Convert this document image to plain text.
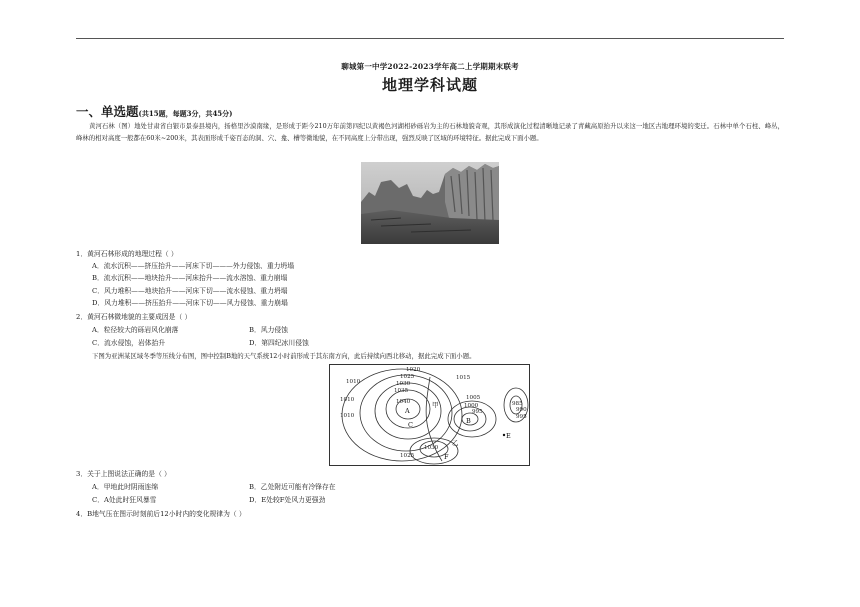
聊城第一中学2022-2023学年高二上学期期末联考
地理学科试题
一、单选题(共15题，每题3分，共45分)

黄河石林（图）地处甘肃省白银市景泰县境内，扬格里沙漠南缘，是形成于距今210万年前第四纪以黄褐色河湖相砂砾岩为主的石林地貌奇观，其形成演化过程清晰地记录了青藏高原抬升以来这一地区古地理环境的变迁。石林中单个石柱、峰丛，峰林的相对高度一般都在60米~200米，其表面形成千姿百态的洞、穴、龛、槽等微地貌，在不同高度上分带出现，强烈反映了区域的环境特征。据此完成下面小题。

1．黄河石林形成的地理过程（ ）
A．流水沉积——挤压抬升——河床下切———外力侵蚀、重力坍塌
B．流水沉积——地块抬升——河床抬升——流水溶蚀、重力崩塌
C．风力堆积——地块抬升——河床下切——流水侵蚀、重力坍塌
D．风力堆积——挤压抬升——河床下切——风力侵蚀、重力崩塌
2．黄河石林微地貌的主要成因是（ ）
A．粒径较大的砾岩风化崩落	B．风力侵蚀
C．流水侵蚀，岩体抬升	D．第四纪冰川侵蚀
下图为亚洲某区域冬季等压线分布图，图中控制B地的天气系统12小时前形成于其东南方向，此后持续向西北移动，据此完成下面小题。
1020
1025
1030
1035
1040
1015
1010
1010
1010
1005
1000
995
985
990
995
1030
1025
A
B
C
E
F
甲
乙
3．关于上图说法正确的是（ ）
A．甲地此时阴雨连绵	B．乙处附近可能有冷锋存在
C．A处此时狂风暴雪	D．E处较F处风力更强劲
4．B地气压在图示时刻前后12小时内的变化规律为（ ）
